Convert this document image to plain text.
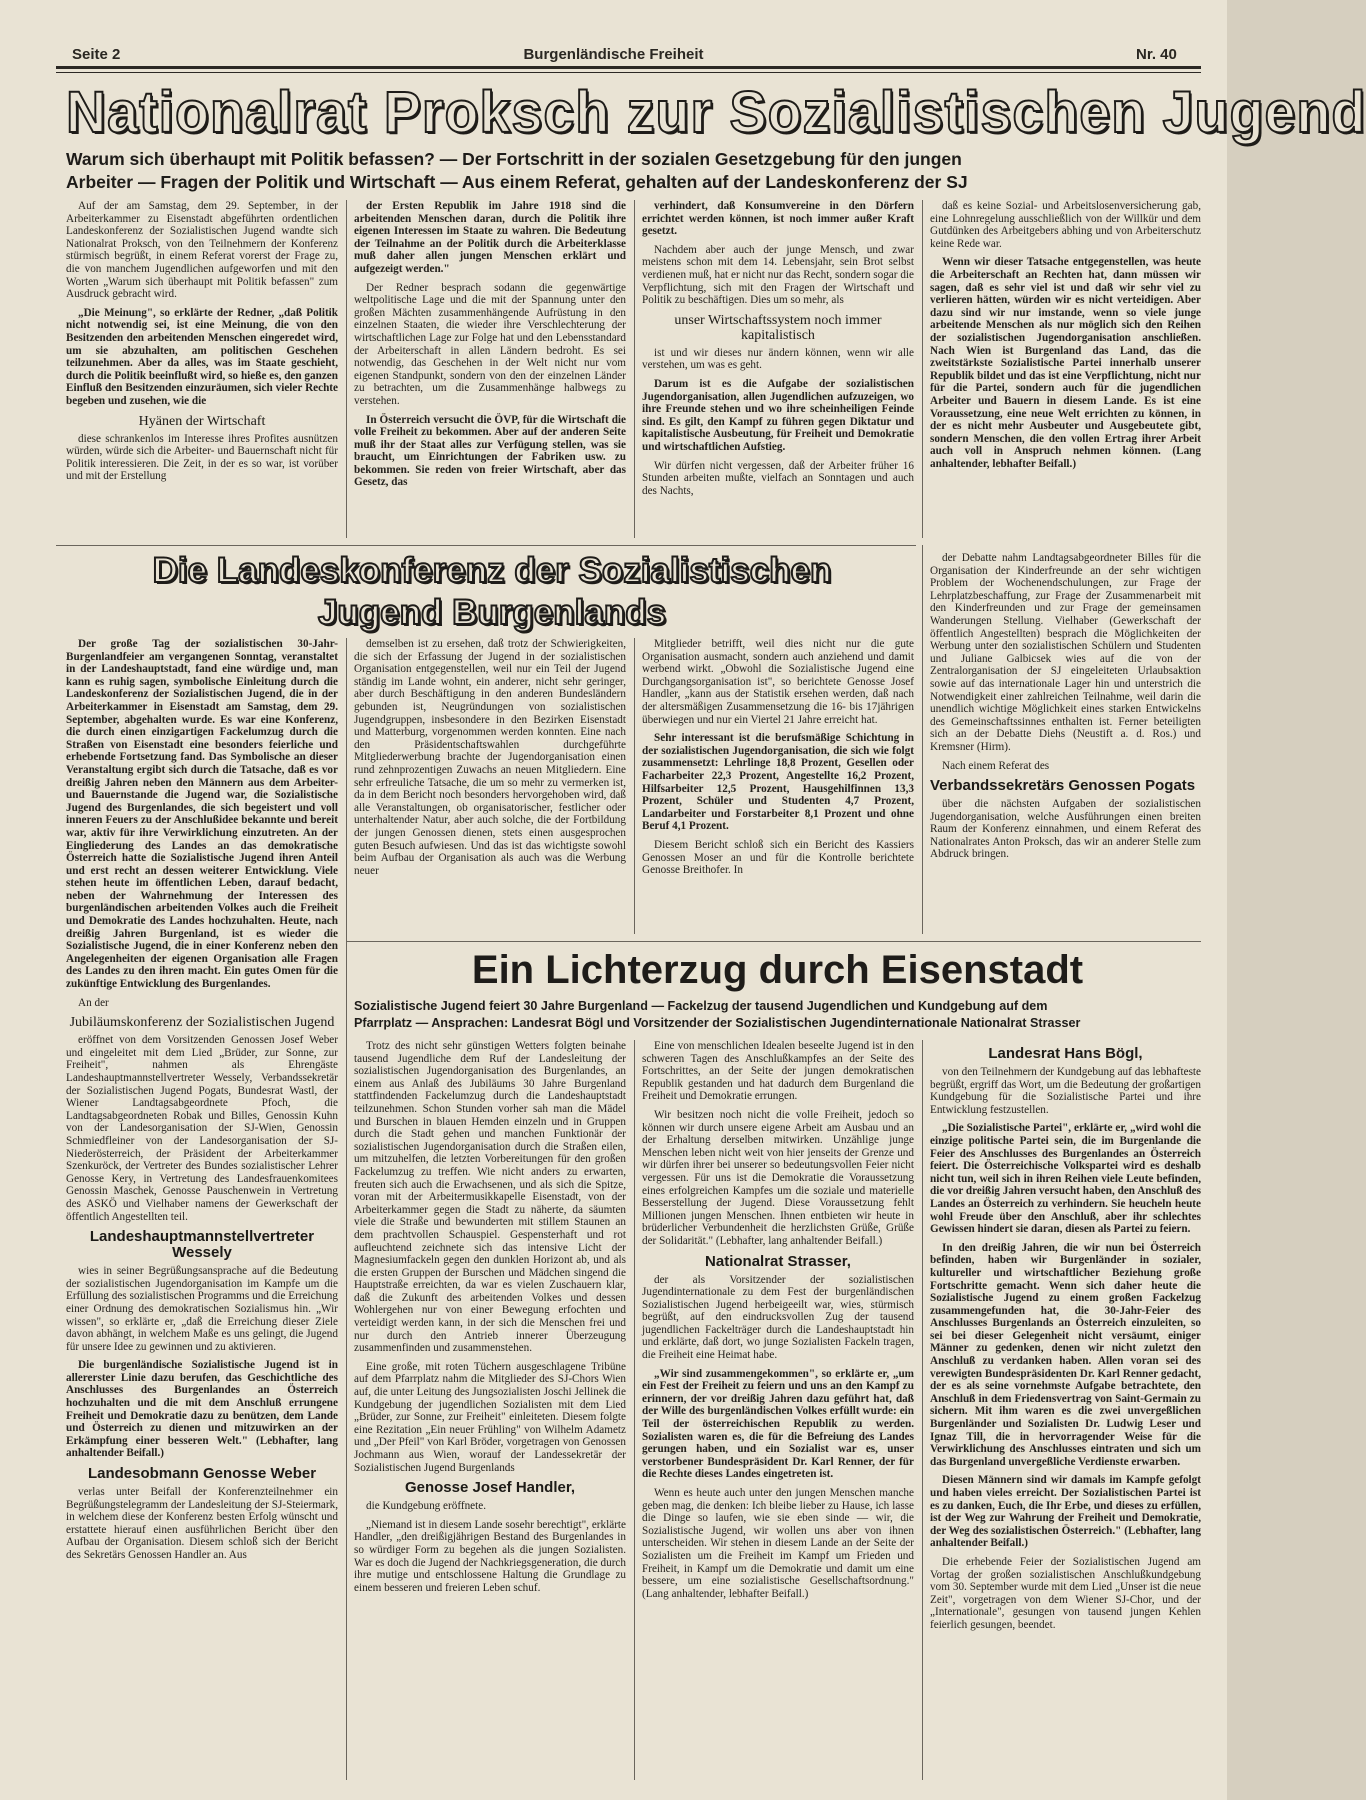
Seite 2	Burgenländische Freiheit	Nr. 40
Nationalrat Proksch zur Sozialistischen Jugend
Warum sich überhaupt mit Politik befassen? — Der Fortschritt in der sozialen Gesetzgebung für den jungen
Arbeiter — Fragen der Politik und Wirtschaft — Aus einem Referat, gehalten auf der Landeskonferenz der SJ

Auf der am Samstag, dem 29. September, in der Arbeiterkammer zu Eisenstadt abgeführten ordentlichen Landeskonferenz der Sozialistischen Jugend wandte sich Nationalrat Proksch, von den Teilnehmern der Konferenz stürmisch begrüßt, in einem Referat vorerst der Frage zu, die von manchem Jugendlichen aufgeworfen und mit den Worten „Warum sich überhaupt mit Politik befassen" zum Ausdruck gebracht wird.

„Die Meinung", so erklärte der Redner, „daß Politik nicht notwendig sei, ist eine Meinung, die von den Besitzenden den arbeitenden Menschen eingeredet wird, um sie abzuhalten, am politischen Geschehen teilzunehmen. Aber da alles, was im Staate geschieht, durch die Politik beeinflußt wird, so hieße es, den ganzen Einfluß den Besitzenden einzuräumen, sich vieler Rechte begeben und zusehen, wie die

Hyänen der Wirtschaft

diese schrankenlos im Interesse ihres Profites ausnützen würden, würde sich die Arbeiter- und Bauernschaft nicht für Politik interessieren. Die Zeit, in der es so war, ist vorüber und mit der Erstellung

der Ersten Republik im Jahre 1918 sind die arbeitenden Menschen daran, durch die Politik ihre eigenen Interessen im Staate zu wahren. Die Bedeutung der Teilnahme an der Politik durch die Arbeiterklasse muß daher allen jungen Menschen erklärt und aufgezeigt werden."

Der Redner besprach sodann die gegenwärtige weltpolitische Lage und die mit der Spannung unter den großen Mächten zusammenhängende Aufrüstung in den einzelnen Staaten, die wieder ihre Verschlechterung der wirtschaftlichen Lage zur Folge hat und den Lebensstandard der Arbeiterschaft in allen Ländern bedroht. Es sei notwendig, das Geschehen in der Welt nicht nur vom eigenen Standpunkt, sondern von den der einzelnen Länder zu betrachten, um die Zusammenhänge halbwegs zu verstehen.

In Österreich versucht die ÖVP, für die Wirtschaft die volle Freiheit zu bekommen. Aber auf der anderen Seite muß ihr der Staat alles zur Verfügung stellen, was sie braucht, um Einrichtungen der Fabriken usw. zu bekommen. Sie reden von freier Wirtschaft, aber das Gesetz, das

verhindert, daß Konsumvereine in den Dörfern errichtet werden können, ist noch immer außer Kraft gesetzt.

Nachdem aber auch der junge Mensch, und zwar meistens schon mit dem 14. Lebensjahr, sein Brot selbst verdienen muß, hat er nicht nur das Recht, sondern sogar die Verpflichtung, sich mit den Fragen der Wirtschaft und Politik zu beschäftigen. Dies um so mehr, als

unser Wirtschaftssystem noch immer kapitalistisch

ist und wir dieses nur ändern können, wenn wir alle verstehen, um was es geht.

Darum ist es die Aufgabe der sozialistischen Jugendorganisation, allen Jugendlichen aufzuzeigen, wo ihre Freunde stehen und wo ihre scheinheiligen Feinde sind. Es gilt, den Kampf zu führen gegen Diktatur und kapitalistische Ausbeutung, für Freiheit und Demokratie und wirtschaftlichen Aufstieg.

Wir dürfen nicht vergessen, daß der Arbeiter früher 16 Stunden arbeiten mußte, vielfach an Sonntagen und auch des Nachts,

daß es keine Sozial- und Arbeitslosenversicherung gab, eine Lohnregelung ausschließlich von der Willkür und dem Gutdünken des Arbeitgebers abhing und von Arbeiterschutz keine Rede war.

Wenn wir dieser Tatsache entgegenstellen, was heute die Arbeiterschaft an Rechten hat, dann müssen wir sagen, daß es sehr viel ist und daß wir sehr viel zu verlieren hätten, würden wir es nicht verteidigen. Aber dazu sind wir nur imstande, wenn so viele junge arbeitende Menschen als nur möglich sich den Reihen der sozialistischen Jugendorganisation anschließen. Nach Wien ist Burgenland das Land, das die zweitstärkste Sozialistische Partei innerhalb unserer Republik bildet und das ist eine Verpflichtung, nicht nur für die Partei, sondern auch für die jugendlichen Arbeiter und Bauern in diesem Lande. Es ist eine Voraussetzung, eine neue Welt errichten zu können, in der es nicht mehr Ausbeuter und Ausgebeutete gibt, sondern Menschen, die den vollen Ertrag ihrer Arbeit auch voll in Anspruch nehmen können. (Lang anhaltender, lebhafter Beifall.)

Die Landeskonferenz der Sozialistischen
Jugend Burgenlands

Der große Tag der sozialistischen 30-Jahr-Burgenlandfeier am vergangenen Sonntag, veranstaltet in der Landeshauptstadt, fand eine würdige und, man kann es ruhig sagen, symbolische Einleitung durch die Landeskonferenz der Sozialistischen Jugend, die in der Arbeiterkammer in Eisenstadt am Samstag, dem 29. September, abgehalten wurde. Es war eine Konferenz, die durch einen einzigartigen Fackelumzug durch die Straßen von Eisenstadt eine besonders feierliche und erhebende Fortsetzung fand. Das Symbolische an dieser Veranstaltung ergibt sich durch die Tatsache, daß es vor dreißig Jahren neben den Männern aus dem Arbeiter- und Bauernstande die Jugend war, die Sozialistische Jugend des Burgenlandes, die sich begeistert und voll inneren Feuers zu der Anschlußidee bekannte und bereit war, aktiv für ihre Verwirklichung einzutreten. An der Eingliederung des Landes an das demokratische Österreich hatte die Sozialistische Jugend ihren Anteil und erst recht an dessen weiterer Entwicklung. Viele stehen heute im öffentlichen Leben, darauf bedacht, neben der Wahrnehmung der Interessen des burgenländischen arbeitenden Volkes auch die Freiheit und Demokratie des Landes hochzuhalten. Heute, nach dreißig Jahren Burgenland, ist es wieder die Sozialistische Jugend, die in einer Konferenz neben den Angelegenheiten der eigenen Organisation alle Fragen des Landes zu den ihren macht. Ein gutes Omen für die zukünftige Entwicklung des Burgenlandes.

An der

Jubiläumskonferenz der Sozialistischen Jugend

eröffnet von dem Vorsitzenden Genossen Josef Weber und eingeleitet mit dem Lied „Brüder, zur Sonne, zur Freiheit", nahmen als Ehrengäste Landeshauptmannstellvertreter Wessely, Verbandssekretär der Sozialistischen Jugend Pogats, Bundesrat Wastl, der Wiener Landtagsabgeordnete Pfoch, die Landtagsabgeordneten Robak und Billes, Genossin Kuhn von der Landesorganisation der SJ-Wien, Genossin Schmiedfleiner von der Landesorganisation der SJ-Niederösterreich, der Präsident der Arbeiterkammer Szenkuröck, der Vertreter des Bundes sozialistischer Lehrer Genosse Kery, in Vertretung des Landesfrauenkomitees Genossin Maschek, Genosse Pauschenwein in Vertretung des ASKÖ und Vielhaber namens der Gewerkschaft der öffentlich Angestellten teil.

Landeshauptmannstellvertreter Wessely

wies in seiner Begrüßungsansprache auf die Bedeutung der sozialistischen Jugendorganisation im Kampfe um die Erfüllung des sozialistischen Programms und die Erreichung einer Ordnung des demokratischen Sozialismus hin. „Wir wissen", so erklärte er, „daß die Erreichung dieser Ziele davon abhängt, in welchem Maße es uns gelingt, die Jugend für unsere Idee zu gewinnen und zu aktivieren.

Die burgenländische Sozialistische Jugend ist in allererster Linie dazu berufen, das Geschichtliche des Anschlusses des Burgenlandes an Österreich hochzuhalten und die mit dem Anschluß errungene Freiheit und Demokratie dazu zu benützen, dem Lande und Österreich zu dienen und mitzuwirken an der Erkämpfung einer besseren Welt." (Lebhafter, lang anhaltender Beifall.)

Landesobmann Genosse Weber

verlas unter Beifall der Konferenzteilnehmer ein Begrüßungstelegramm der Landesleitung der SJ-Steiermark, in welchem diese der Konferenz besten Erfolg wünscht und erstattete hierauf einen ausführlichen Bericht über den Aufbau der Organisation. Diesem schloß sich der Bericht des Sekretärs Genossen Handler an. Aus

demselben ist zu ersehen, daß trotz der Schwierigkeiten, die sich der Erfassung der Jugend in der sozialistischen Organisation entgegenstellen, weil nur ein Teil der Jugend ständig im Lande wohnt, ein anderer, nicht sehr geringer, aber durch Beschäftigung in den anderen Bundesländern gebunden ist, Neugründungen von sozialistischen Jugendgruppen, insbesondere in den Bezirken Eisenstadt und Matterburg, vorgenommen werden konnten. Eine nach den Präsidentschaftswahlen durchgeführte Mitgliederwerbung brachte der Jugendorganisation einen rund zehnprozentigen Zuwachs an neuen Mitgliedern. Eine sehr erfreuliche Tatsache, die um so mehr zu vermerken ist, da in dem Bericht noch besonders hervorgehoben wird, daß alle Veranstaltungen, ob organisatorischer, festlicher oder unterhaltender Natur, aber auch solche, die der Fortbildung der jungen Genossen dienen, stets einen ausgesprochen guten Besuch aufwiesen. Und das ist das wichtigste sowohl beim Aufbau der Organisation als auch was die Werbung neuer

Mitglieder betrifft, weil dies nicht nur die gute Organisation ausmacht, sondern auch anziehend und damit werbend wirkt. „Obwohl die Sozialistische Jugend eine Durchgangsorganisation ist", so berichtete Genosse Josef Handler, „kann aus der Statistik ersehen werden, daß nach der altersmäßigen Zusammensetzung die 16- bis 17jährigen überwiegen und nur ein Viertel 21 Jahre erreicht hat.

Sehr interessant ist die berufsmäßige Schichtung in der sozialistischen Jugendorganisation, die sich wie folgt zusammensetzt: Lehrlinge 18,8 Prozent, Gesellen oder Facharbeiter 22,3 Prozent, Angestellte 16,2 Prozent, Hilfsarbeiter 12,5 Prozent, Hausgehilfinnen 13,3 Prozent, Schüler und Studenten 4,7 Prozent, Landarbeiter und Forstarbeiter 8,1 Prozent und ohne Beruf 4,1 Prozent.

Diesem Bericht schloß sich ein Bericht des Kassiers Genossen Moser an und für die Kontrolle berichtete Genosse Breithofer. In

der Debatte nahm Landtagsabgeordneter Billes für die Organisation der Kinderfreunde an der sehr wichtigen Problem der Wochenendschulungen, zur Frage der Lehrplatzbeschaffung, zur Frage der Zusammenarbeit mit den Kinderfreunden und zur Frage der gemeinsamen Wanderungen Stellung. Vielhaber (Gewerkschaft der öffentlich Angestellten) besprach die Möglichkeiten der Werbung unter den sozialistischen Schülern und Studenten und Juliane Galbicsek wies auf die von der Zentralorganisation der SJ eingeleiteten Urlaubsaktion sowie auf das internationale Lager hin und unterstrich die Notwendigkeit einer zahlreichen Teilnahme, weil darin die unendlich wichtige Möglichkeit eines starken Entwickelns des Gemeinschaftssinnes enthalten ist. Ferner beteiligten sich an der Debatte Diehs (Neustift a. d. Ros.) und Kremsner (Hirm).

Nach einem Referat des

Verbandssekretärs Genossen Pogats

über die nächsten Aufgaben der sozialistischen Jugendorganisation, welche Ausführungen einen breiten Raum der Konferenz einnahmen, und einem Referat des Nationalrates Anton Proksch, das wir an anderer Stelle zum Abdruck bringen.

Ein Lichterzug durch Eisenstadt
Sozialistische Jugend feiert 30 Jahre Burgenland — Fackelzug der tausend Jugendlichen und Kundgebung auf dem
Pfarrplatz — Ansprachen: Landesrat Bögl und Vorsitzender der Sozialistischen Jugendinternationale Nationalrat Strasser

Trotz des nicht sehr günstigen Wetters folgten beinahe tausend Jugendliche dem Ruf der Landesleitung der sozialistischen Jugendorganisation des Burgenlandes, an einem aus Anlaß des Jubiläums 30 Jahre Burgenland stattfindenden Fackelumzug durch die Landeshauptstadt teilzunehmen. Schon Stunden vorher sah man die Mädel und Burschen in blauen Hemden einzeln und in Gruppen durch die Stadt gehen und manchen Funktionär der sozialistischen Jugendorganisation durch die Straßen eilen, um mitzuhelfen, die letzten Vorbereitungen für den großen Fackelumzug zu treffen. Wie nicht anders zu erwarten, freuten sich auch die Erwachsenen, und als sich die Spitze, voran mit der Arbeitermusikkapelle Eisenstadt, von der Arbeiterkammer gegen die Stadt zu näherte, da säumten viele die Straße und bewunderten mit stillem Staunen an dem prachtvollen Schauspiel. Gespensterhaft und rot aufleuchtend zeichnete sich das intensive Licht der Magnesiumfackeln gegen den dunklen Horizont ab, und als die ersten Gruppen der Burschen und Mädchen singend die Hauptstraße erreichten, da war es vielen Zuschauern klar, daß die Zukunft des arbeitenden Volkes und dessen Wohlergehen nur von einer Bewegung erfochten und verteidigt werden kann, in der sich die Menschen frei und nur durch den Antrieb innerer Überzeugung zusammenfinden und zusammenstehen.

Eine große, mit roten Tüchern ausgeschlagene Tribüne auf dem Pfarrplatz nahm die Mitglieder des SJ-Chors Wien auf, die unter Leitung des Jungsozialisten Joschi Jellinek die Kundgebung der jugendlichen Sozialisten mit dem Lied „Brüder, zur Sonne, zur Freiheit" einleiteten. Diesem folgte eine Rezitation „Ein neuer Frühling" von Wilhelm Adametz und „Der Pfeil" von Karl Bröder, vorgetragen von Genossen Jochmann aus Wien, worauf der Landessekretär der Sozialistischen Jugend Burgenlands

Genosse Josef Handler,

die Kundgebung eröffnete.

„Niemand ist in diesem Lande sosehr berechtigt", erklärte Handler, „den dreißigjährigen Bestand des Burgenlandes in so würdiger Form zu begehen als die jungen Sozialisten. War es doch die Jugend der Nachkriegsgeneration, die durch ihre mutige und entschlossene Haltung die Grundlage zu einem besseren und freieren Leben schuf.

Eine von menschlichen Idealen beseelte Jugend ist in den schweren Tagen des Anschlußkampfes an der Seite des Fortschrittes, an der Seite der jungen demokratischen Republik gestanden und hat dadurch dem Burgenland die Freiheit und Demokratie errungen.

Wir besitzen noch nicht die volle Freiheit, jedoch so können wir durch unsere eigene Arbeit am Ausbau und an der Erhaltung derselben mitwirken. Unzählige junge Menschen leben nicht weit von hier jenseits der Grenze und wir dürfen ihrer bei unserer so bedeutungsvollen Feier nicht vergessen. Für uns ist die Demokratie die Voraussetzung eines erfolgreichen Kampfes um die soziale und materielle Besserstellung der Jugend. Diese Voraussetzung fehlt Millionen jungen Menschen. Ihnen entbieten wir heute in brüderlicher Verbundenheit die herzlichsten Grüße, Grüße der Solidarität." (Lebhafter, lang anhaltender Beifall.)

Nationalrat Strasser,

der als Vorsitzender der sozialistischen Jugendinternationale zu dem Fest der burgenländischen Sozialistischen Jugend herbeigeeilt war, wies, stürmisch begrüßt, auf den eindrucksvollen Zug der tausend jugendlichen Fackelträger durch die Landeshauptstadt hin und erklärte, daß dort, wo junge Sozialisten Fackeln tragen, die Freiheit eine Heimat habe.

„Wir sind zusammengekommen", so erklärte er, „um ein Fest der Freiheit zu feiern und uns an den Kampf zu erinnern, der vor dreißig Jahren dazu geführt hat, daß der Wille des burgenländischen Volkes erfüllt wurde: ein Teil der österreichischen Republik zu werden. Sozialisten waren es, die für die Befreiung des Landes gerungen haben, und ein Sozialist war es, unser verstorbener Bundespräsident Dr. Karl Renner, der für die Rechte dieses Landes eingetreten ist.

Wenn es heute auch unter den jungen Menschen manche geben mag, die denken: Ich bleibe lieber zu Hause, ich lasse die Dinge so laufen, wie sie eben sinde — wir, die Sozialistische Jugend, wir wollen uns aber von ihnen unterscheiden. Wir stehen in diesem Lande an der Seite der Sozialisten um die Freiheit im Kampf um Frieden und Freiheit, in Kampf um die Demokratie und damit um eine bessere, um eine sozialistische Gesellschaftsordnung." (Lang anhaltender, lebhafter Beifall.)

Landesrat Hans Bögl,

von den Teilnehmern der Kundgebung auf das lebhafteste begrüßt, ergriff das Wort, um die Bedeutung der großartigen Kundgebung für die Sozialistische Partei und ihre Entwicklung festzustellen.

„Die Sozialistische Partei", erklärte er, „wird wohl die einzige politische Partei sein, die im Burgenlande die Feier des Anschlusses des Burgenlandes an Österreich feiert. Die Österreichische Volkspartei wird es deshalb nicht tun, weil sich in ihren Reihen viele Leute befinden, die vor dreißig Jahren versucht haben, den Anschluß des Landes an Österreich zu verhindern. Sie heucheln heute wohl Freude über den Anschluß, aber ihr schlechtes Gewissen hindert sie daran, diesen als Partei zu feiern.

In den dreißig Jahren, die wir nun bei Österreich befinden, haben wir Burgenländer in sozialer, kultureller und wirtschaftlicher Beziehung große Fortschritte gemacht. Wenn sich daher heute die Sozialistische Jugend zu einem großen Fackelzug zusammengefunden hat, die 30-Jahr-Feier des Anschlusses Burgenlands an Österreich einzuleiten, so sei bei dieser Gelegenheit nicht versäumt, einiger Männer zu gedenken, denen wir nicht zuletzt den Anschluß zu verdanken haben. Allen voran sei des verewigten Bundespräsidenten Dr. Karl Renner gedacht, der es als seine vornehmste Aufgabe betrachtete, den Anschluß in dem Friedensvertrag von Saint-Germain zu sichern. Mit ihm waren es die zwei unvergeßlichen Burgenländer und Sozialisten Dr. Ludwig Leser und Ignaz Till, die in hervorragender Weise für die Verwirklichung des Anschlusses eintraten und sich um das Burgenland unvergeßliche Verdienste erwarben.

Diesen Männern sind wir damals im Kampfe gefolgt und haben vieles erreicht. Der Sozialistischen Partei ist es zu danken, Euch, die Ihr Erbe, und dieses zu erfüllen, ist der Weg zur Wahrung der Freiheit und Demokratie, der Weg des sozialistischen Österreich." (Lebhafter, lang anhaltender Beifall.)

Die erhebende Feier der Sozialistischen Jugend am Vortag der großen sozialistischen Anschlußkundgebung vom 30. September wurde mit dem Lied „Unser ist die neue Zeit", vorgetragen von dem Wiener SJ-Chor, und der „Internationale", gesungen von tausend jungen Kehlen feierlich gesungen, beendet.
